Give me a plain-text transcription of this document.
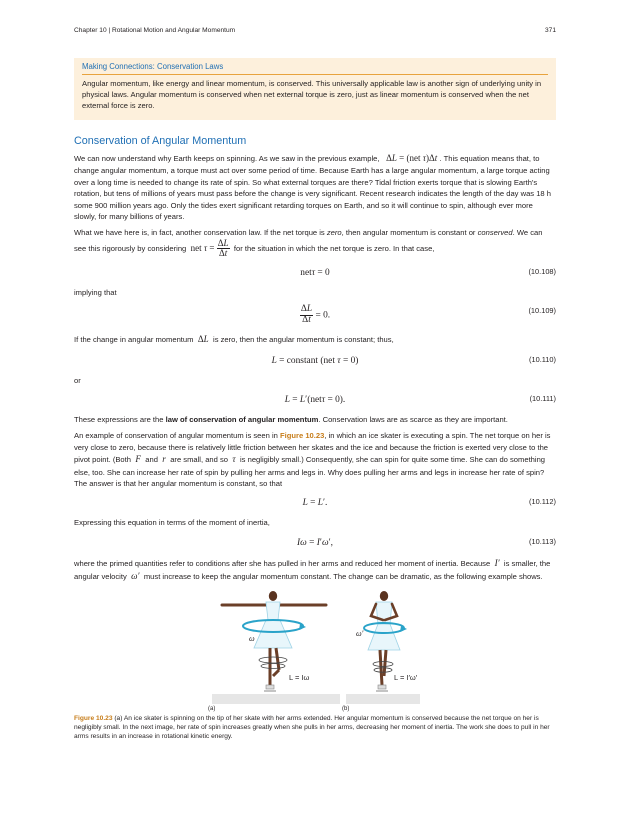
Chapter 10 | Rotational Motion and Angular Momentum	371
Making Connections: Conservation Laws
Angular momentum, like energy and linear momentum, is conserved. This universally applicable law is another sign of underlying unity in physical laws. Angular momentum is conserved when net external torque is zero, just as linear momentum is conserved when the net external force is zero.
Conservation of Angular Momentum

We can now understand why Earth keeps on spinning. As we saw in the previous example,   ΔL = (net τ)Δt . This equation means that, to change angular momentum, a torque must act over some period of time. Because Earth has a large angular momentum, a large torque acting over a long time is needed to change its rate of spin. So what external torques are there? Tidal friction exerts torque that is slowing Earth's rotation, but tens of millions of years must pass before the change is very significant. Recent research indicates the length of the day was 18 h some 900 million years ago. Only the tides exert significant retarding torques on Earth, and so it will continue to spin, although ever more slowly, for many billions of years.

What we have here is, in fact, another conservation law. If the net torque is zero, then angular momentum is constant or conserved. We can see this rigorously by considering  net $\tau = \frac{\Delta L}{\Delta t}$ for the situation in which the net torque is zero. In that case,

netτ = 0	(10.108)

implying that

$\frac{\Delta L}{\Delta t} = 0$.
(10.109)

If the change in angular momentum  ΔL is zero, then the angular momentum is constant; thus,

L = constant (net τ = 0)	(10.110)

or

L = L′(netτ = 0).	(10.111)

These expressions are the law of conservation of angular momentum. Conservation laws are as scarce as they are important.

An example of conservation of angular momentum is seen in Figure 10.23, in which an ice skater is executing a spin. The net torque on her is very close to zero, because there is relatively little friction between her skates and the ice and because the friction is exerted very close to the pivot point. (Both  F  and  r  are small, and so  τ  is negligibly small.) Consequently, she can spin for quite some time. She can do something else, too. She can increase her rate of spin by pulling her arms and legs in. Why does pulling her arms and legs in increase her rate of spin? The answer is that her angular momentum is constant, so that

L = L′.	(10.112)

Expressing this equation in terms of the moment of inertia,

Iω = I′ω′,	(10.113)

where the primed quantities refer to conditions after she has pulled in her arms and reduced her moment of inertia. Because  I′  is smaller, the angular velocity  ω′  must increase to keep the angular momentum constant. The change can be dramatic, as the following example shows.

ω
L = Iω
ω′
L = I′ω′
(a)	(b)
Figure 10.23 (a) An ice skater is spinning on the tip of her skate with her arms extended. Her angular momentum is conserved because the net torque on her is negligibly small. In the next image, her rate of spin increases greatly when she pulls in her arms, decreasing her moment of inertia. The work she does to pull in her arms results in an increase in rotational kinetic energy.
